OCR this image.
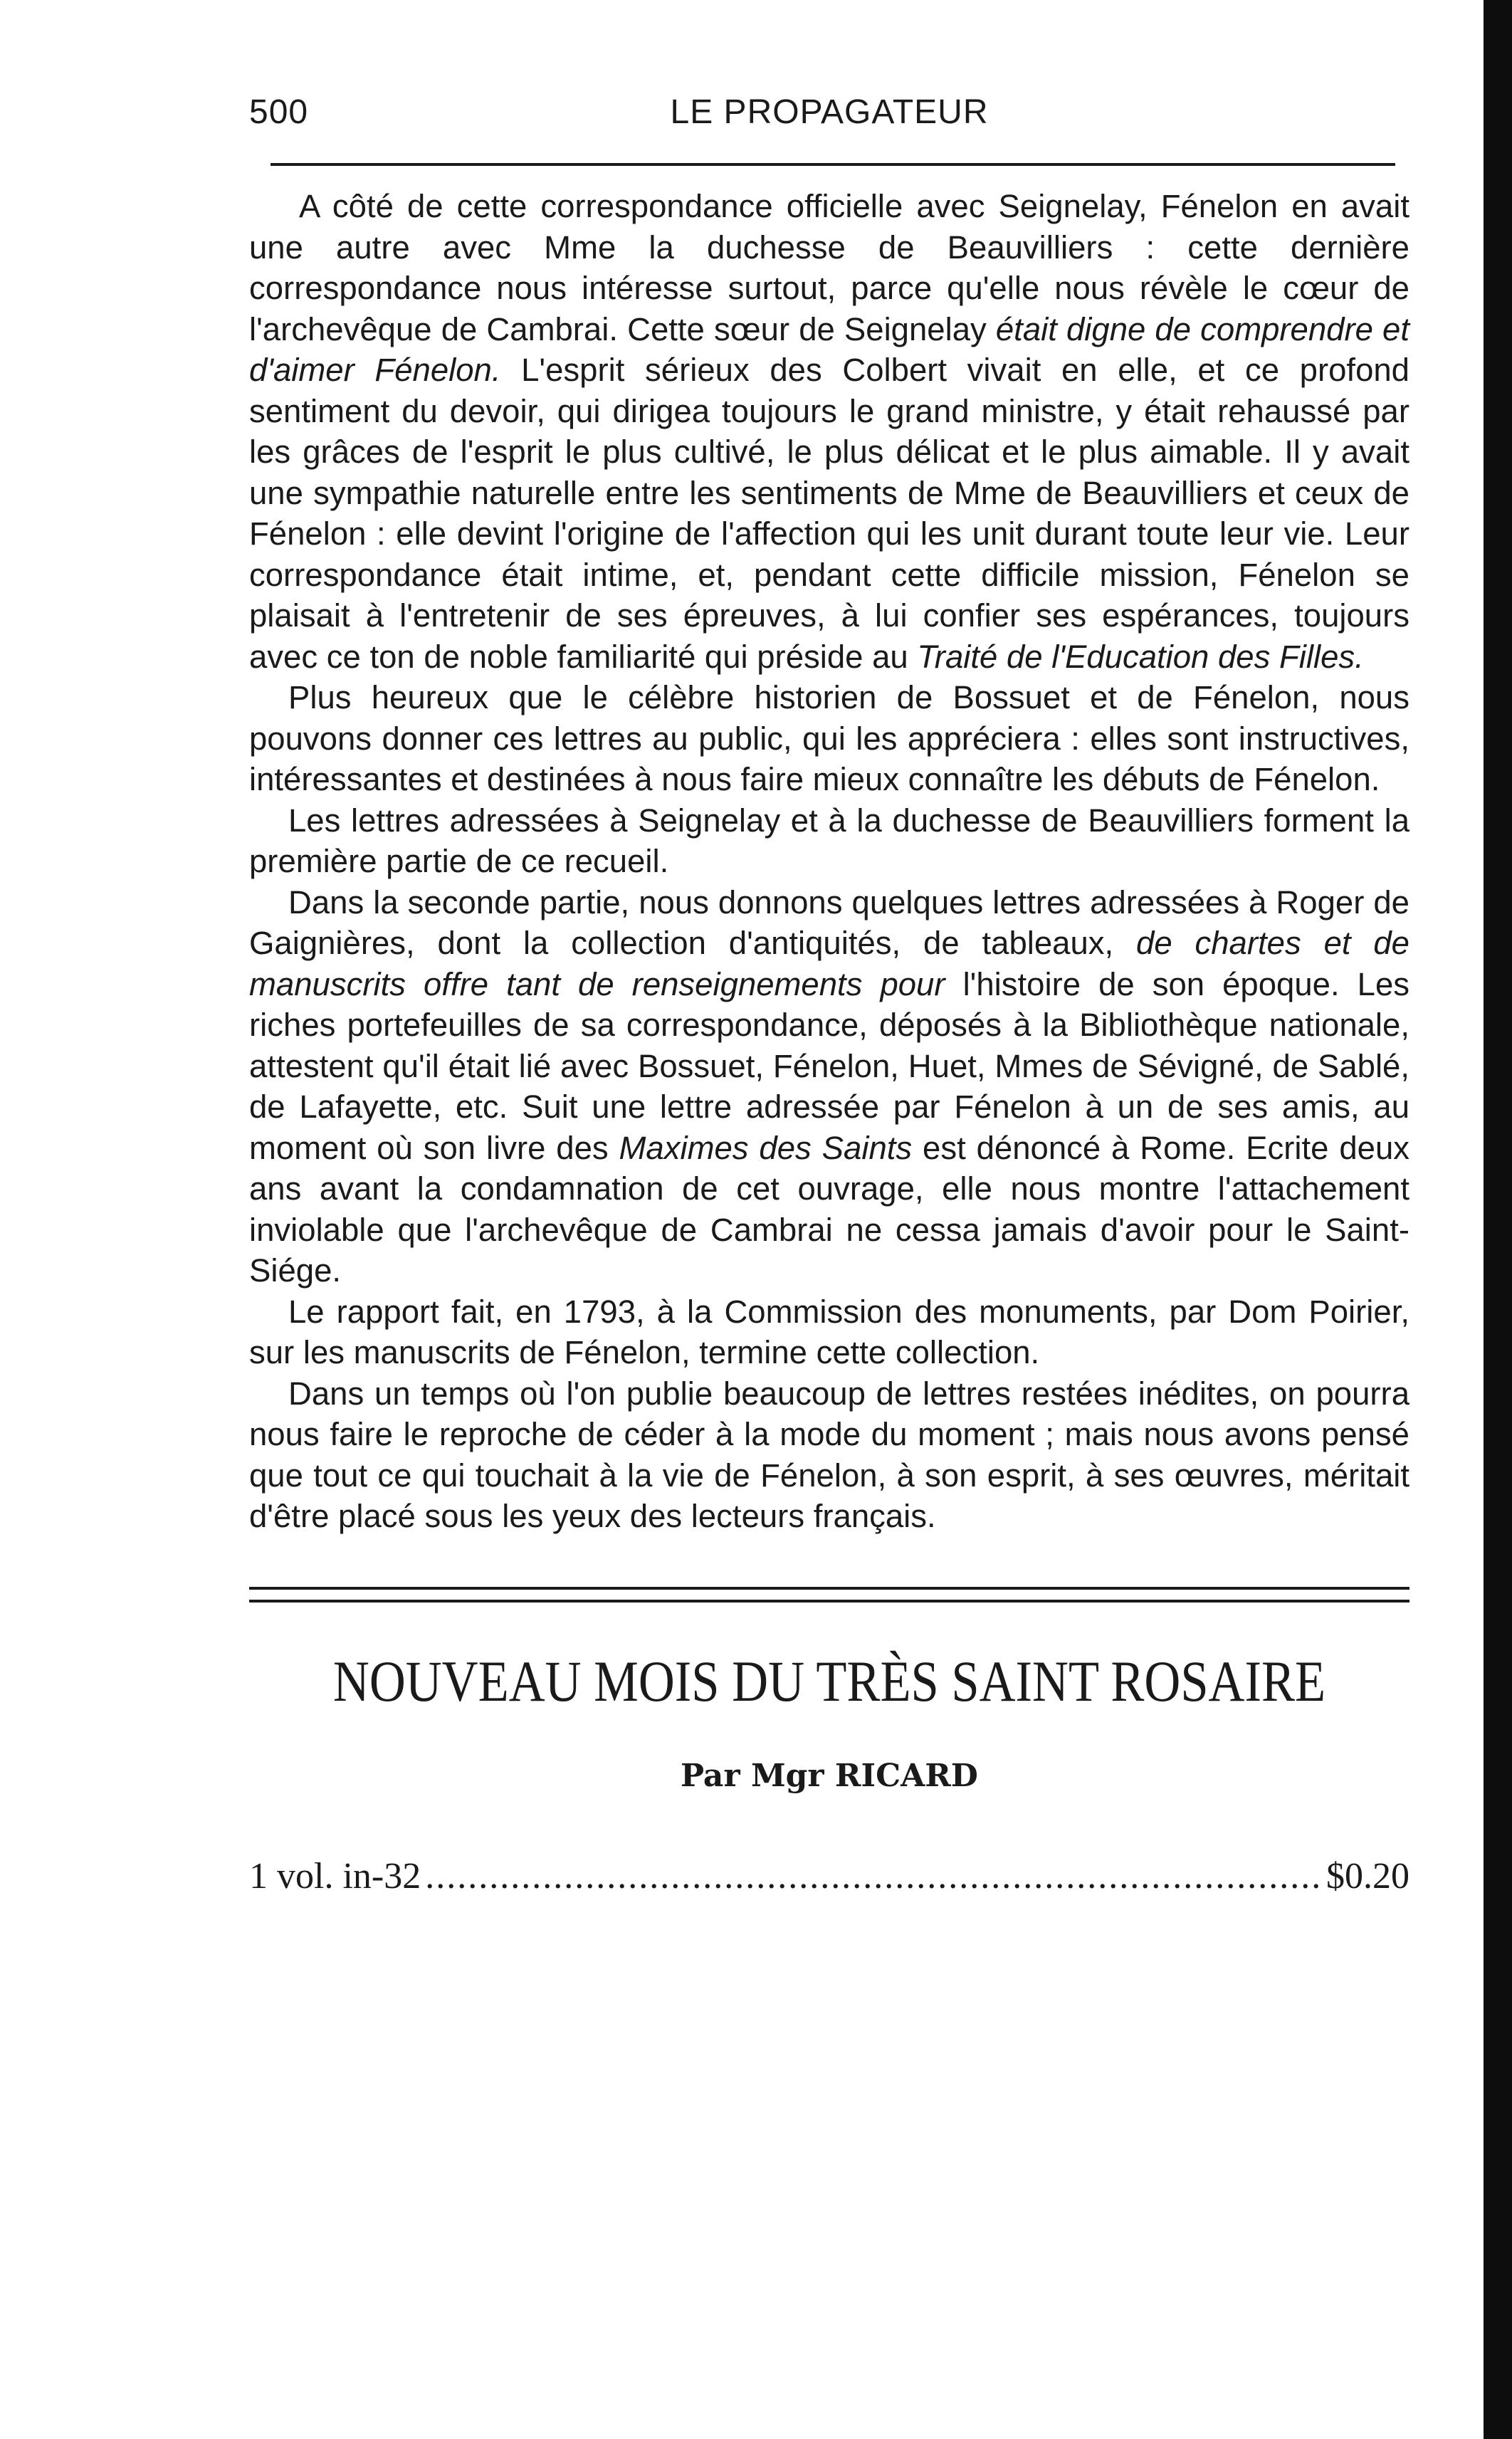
500	LE PROPAGATEUR

A côté de cette correspondance officielle avec Seignelay, Fénelon en avait une autre avec Mme la duchesse de Beauvilliers : cette dernière correspondance nous intéresse surtout, parce qu'elle nous révèle le cœur de l'archevêque de Cambrai. Cette sœur de Seignelay était digne de comprendre et d'aimer Fénelon. L'esprit sérieux des Colbert vivait en elle, et ce profond sentiment du devoir, qui dirigea toujours le grand ministre, y était rehaussé par les grâces de l'esprit le plus cultivé, le plus délicat et le plus aimable. Il y avait une sympathie naturelle entre les sentiments de Mme de Beauvilliers et ceux de Fénelon : elle devint l'origine de l'affection qui les unit durant toute leur vie. Leur correspondance était intime, et, pendant cette difficile mission, Fénelon se plaisait à l'entretenir de ses épreuves, à lui confier ses espérances, toujours avec ce ton de noble familiarité qui préside au Traité de l'Education des Filles.

Plus heureux que le célèbre historien de Bossuet et de Fénelon, nous pouvons donner ces lettres au public, qui les appréciera : elles sont instructives, intéressantes et destinées à nous faire mieux connaître les débuts de Fénelon.

Les lettres adressées à Seignelay et à la duchesse de Beauvilliers forment la première partie de ce recueil.

Dans la seconde partie, nous donnons quelques lettres adressées à Roger de Gaignières, dont la collection d'antiquités, de tableaux, de chartes et de manuscrits offre tant de renseignements pour l'histoire de son époque. Les riches portefeuilles de sa correspondance, déposés à la Bibliothèque nationale, attestent qu'il était lié avec Bossuet, Fénelon, Huet, Mmes de Sévigné, de Sablé, de Lafayette, etc. Suit une lettre adressée par Fénelon à un de ses amis, au moment où son livre des Maximes des Saints est dénoncé à Rome. Ecrite deux ans avant la condamnation de cet ouvrage, elle nous montre l'attachement inviolable que l'archevêque de Cambrai ne cessa jamais d'avoir pour le Saint-Siége.

Le rapport fait, en 1793, à la Commission des monuments, par Dom Poirier, sur les manuscrits de Fénelon, termine cette collection.

Dans un temps où l'on publie beaucoup de lettres restées inédites, on pourra nous faire le reproche de céder à la mode du moment ; mais nous avons pensé que tout ce qui touchait à la vie de Fénelon, à son esprit, à ses œuvres, méritait d'être placé sous les yeux des lecteurs français.

NOUVEAU MOIS DU TRÈS SAINT ROSAIRE
Par Mgr RICARD
1 vol. in-32
.....	$0.20
